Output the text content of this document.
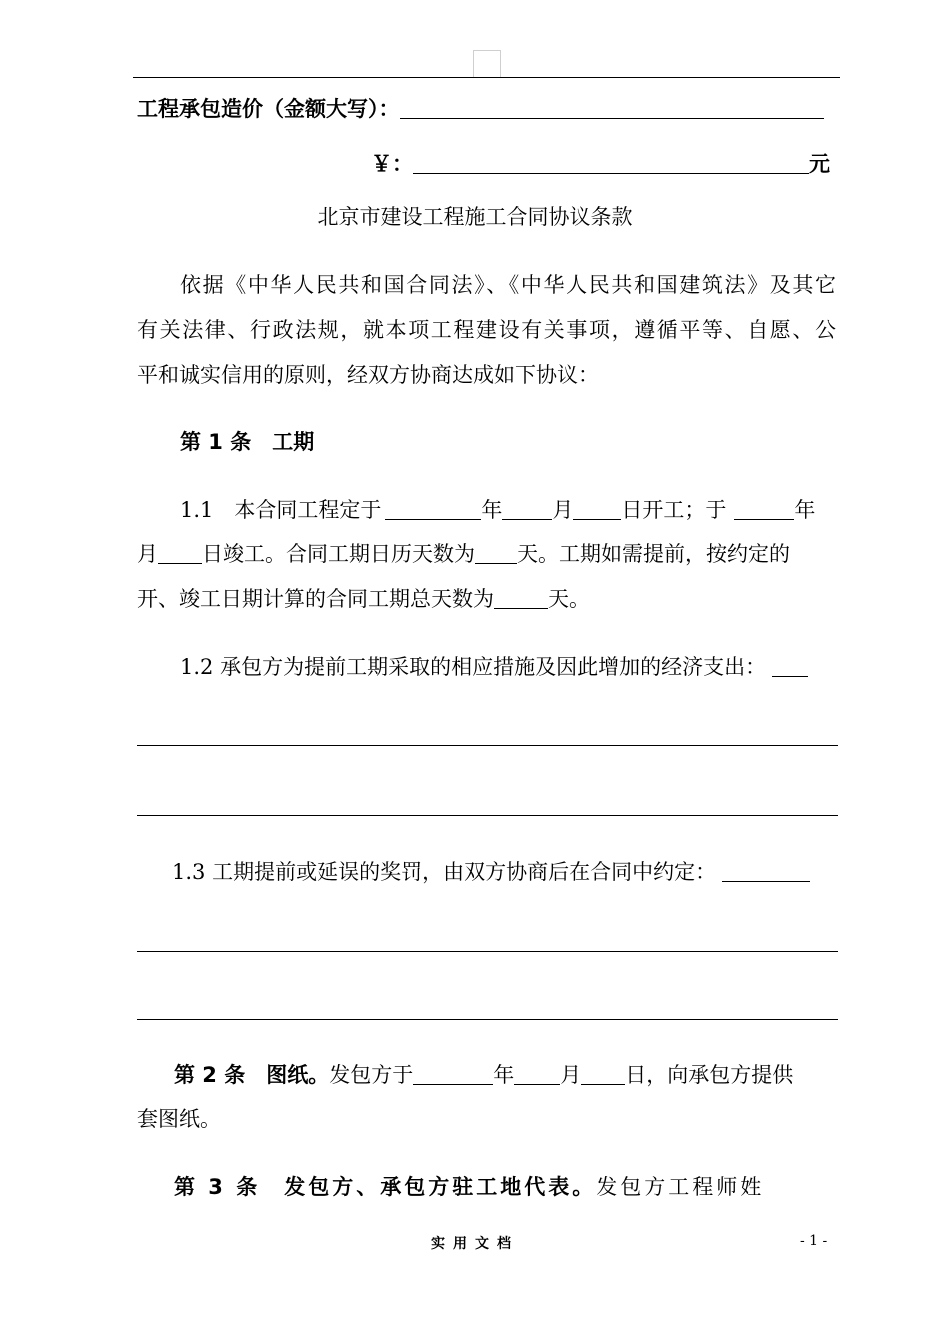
工程承包造价（金额大写）：
￥：	元
北京市建设工程施工合同协议条款
依据《中华人民共和国合同法》、《中华人民共和国建筑法》及其它
有关法律、行政法规，就本项工程建设有关事项，遵循平等、自愿、公
平和诚实信用的原则，经双方协商达成如下协议：
第 1 条　工期
1.1　本合同工程定于	年 月 日开工；于	年
月 日竣工。合同工期日历天数为 天。工期如需提前，按约定的
开、竣工日期计算的合同工期总天数为	天。
1.2 承包方为提前工期采取的相应措施及因此增加的经济支出：
1.3 工期提前或延误的奖罚，由双方协商后在合同中约定：
第 2 条　图纸。发包方于	年 月 日，向承包方提供
套图纸。
第 3 条　发包方、承包方驻工地代表。发包方工程师姓
实用文档	- 1 -
